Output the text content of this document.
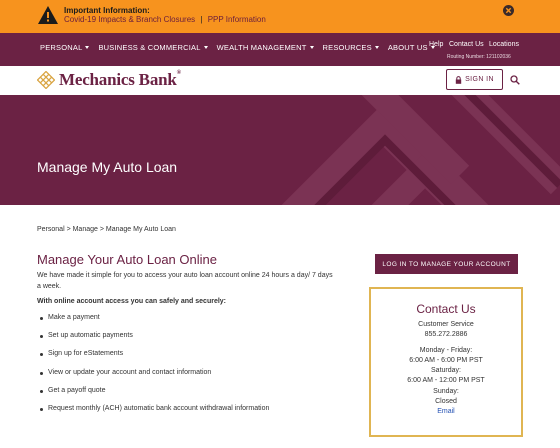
Important Information:
Covid-19 Impacts & Branch Closures | PPP Information
PERSONAL BUSINESS & COMMERCIAL WEALTH MANAGEMENT RESOURCES ABOUT US Help Contact Us Locations
Routing Number: 121102036
Mechanics Bank®
SIGN IN
Manage My Auto Loan
Personal > Manage > Manage My Auto Loan
Manage Your Auto Loan Online
We have made it simple for you to access your auto loan account online 24 hours a day/ 7 days a week.
With online account access you can safely and securely:
Make a payment
Set up automatic payments
Sign up for eStatements
View or update your account and contact information
Get a payoff quote
Request monthly (ACH) automatic bank account withdrawal information
LOG IN TO MANAGE YOUR ACCOUNT
Contact Us
Customer Service
855.272.2886
Monday - Friday:
6:00 AM - 6:00 PM PST
Saturday:
6:00 AM - 12:00 PM PST
Sunday:
Closed
Email
